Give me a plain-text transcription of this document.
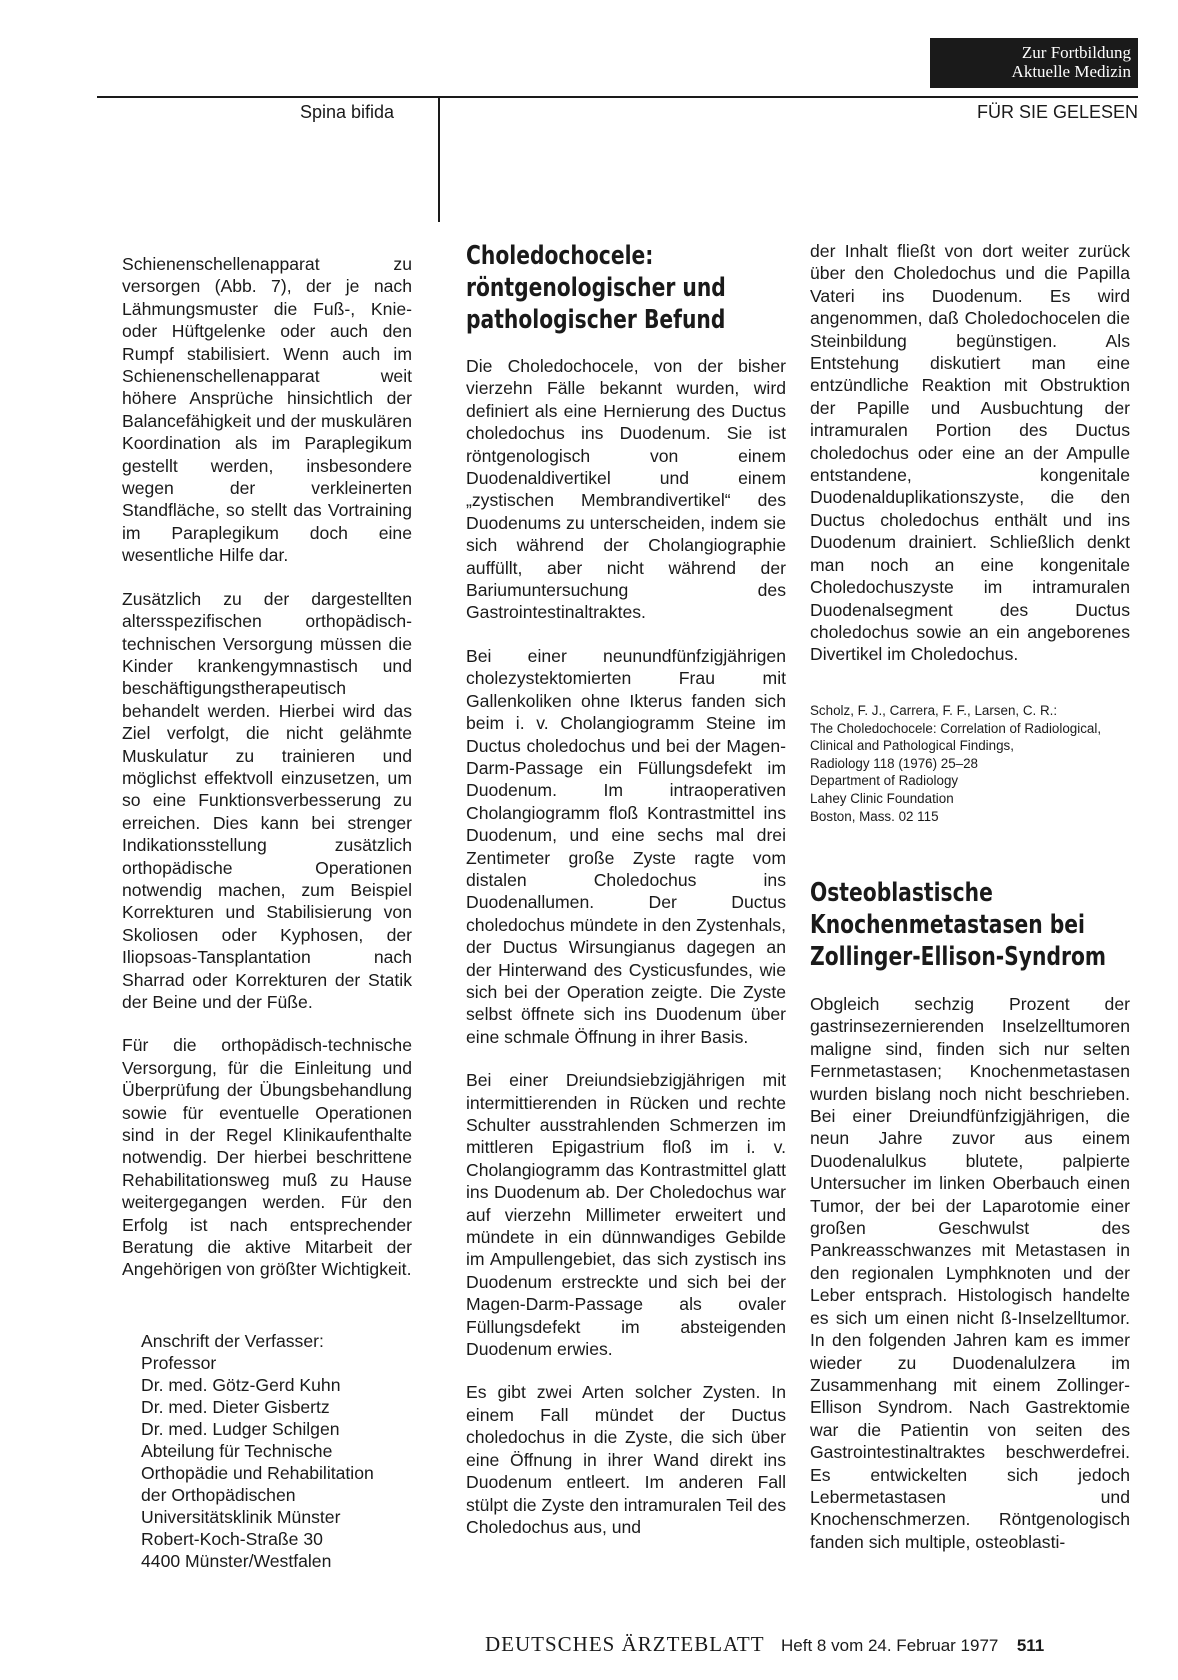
Zur Fortbildung
Aktuelle Medizin
Spina bifida	FÜR SIE GELESEN

Schienenschellenapparat zu versorgen (Abb. 7), der je nach Lähmungsmuster die Fuß-, Knie- oder Hüftgelenke oder auch den Rumpf stabilisiert. Wenn auch im Schienenschellenapparat weit höhere Ansprüche hinsichtlich der Balancefähigkeit und der muskulären Koordination als im Paraplegikum gestellt werden, insbesondere wegen der verkleinerten Standfläche, so stellt das Vortraining im Paraplegikum doch eine wesentliche Hilfe dar.

Zusätzlich zu der dargestellten altersspezifischen orthopädisch-technischen Versorgung müssen die Kinder krankengymnastisch und beschäftigungstherapeutisch behandelt werden. Hierbei wird das Ziel verfolgt, die nicht gelähmte Muskulatur zu trainieren und möglichst effektvoll einzusetzen, um so eine Funktionsverbesserung zu erreichen. Dies kann bei strenger Indikationsstellung zusätzlich orthopädische Operationen notwendig machen, zum Beispiel Korrekturen und Stabilisierung von Skoliosen oder Kyphosen, der Iliopsoas-Tansplantation nach Sharrad oder Korrekturen der Statik der Beine und der Füße.

Für die orthopädisch-technische Versorgung, für die Einleitung und Überprüfung der Übungsbehandlung sowie für eventuelle Operationen sind in der Regel Klinikaufenthalte notwendig. Der hierbei beschrittene Rehabilitationsweg muß zu Hause weitergegangen werden. Für den Erfolg ist nach entsprechender Beratung die aktive Mitarbeit der Angehörigen von größter Wichtigkeit.

Anschrift der Verfasser:
Professor
Dr. med. Götz-Gerd Kuhn
Dr. med. Dieter Gisbertz
Dr. med. Ludger Schilgen
Abteilung für Technische
Orthopädie und Rehabilitation
der Orthopädischen
Universitätsklinik Münster
Robert-Koch-Straße 30
4400 Münster/Westfalen
Choledochocele: röntgenologischer und pathologischer Befund

Die Choledochocele, von der bisher vierzehn Fälle bekannt wurden, wird definiert als eine Hernierung des Ductus choledochus ins Duodenum. Sie ist röntgenologisch von einem Duodenaldivertikel und einem „zystischen Membrandivertikel“ des Duodenums zu unterscheiden, indem sie sich während der Cholangiographie auffüllt, aber nicht während der Bariumuntersuchung des Gastrointestinaltraktes.

Bei einer neunundfünfzigjährigen cholezystektomierten Frau mit Gallenkoliken ohne Ikterus fanden sich beim i. v. Cholangiogramm Steine im Ductus choledochus und bei der Magen-Darm-Passage ein Füllungsdefekt im Duodenum. Im intraoperativen Cholangiogramm floß Kontrastmittel ins Duodenum, und eine sechs mal drei Zentimeter große Zyste ragte vom distalen Choledochus ins Duodenallumen. Der Ductus choledochus mündete in den Zystenhals, der Ductus Wirsungianus dagegen an der Hinterwand des Cysticusfundes, wie sich bei der Operation zeigte. Die Zyste selbst öffnete sich ins Duodenum über eine schmale Öffnung in ihrer Basis.

Bei einer Dreiundsiebzigjährigen mit intermittierenden in Rücken und rechte Schulter ausstrahlenden Schmerzen im mittleren Epigastrium floß im i. v. Cholangiogramm das Kontrastmittel glatt ins Duodenum ab. Der Choledochus war auf vierzehn Millimeter erweitert und mündete in ein dünnwandiges Gebilde im Ampullengebiet, das sich zystisch ins Duodenum erstreckte und sich bei der Magen-Darm-Passage als ovaler Füllungsdefekt im absteigenden Duodenum erwies.

Es gibt zwei Arten solcher Zysten. In einem Fall mündet der Ductus choledochus in die Zyste, die sich über eine Öffnung in ihrer Wand direkt ins Duodenum entleert. Im anderen Fall stülpt die Zyste den intramuralen Teil des Choledochus aus, und

der Inhalt fließt von dort weiter zurück über den Choledochus und die Papilla Vateri ins Duodenum. Es wird angenommen, daß Choledochocelen die Steinbildung begünstigen. Als Entstehung diskutiert man eine entzündliche Reaktion mit Obstruktion der Papille und Ausbuchtung der intramuralen Portion des Ductus choledochus oder eine an der Ampulle entstandene, kongenitale Duodenalduplikationszyste, die den Ductus choledochus enthält und ins Duodenum drainiert. Schließlich denkt man noch an eine kongenitale Choledochuszyste im intramuralen Duodenalsegment des Ductus choledochus sowie an ein angeborenes Divertikel im Choledochus.

Scholz, F. J., Carrera, F. F., Larsen, C. R.:
The Choledochocele: Correlation of Radiological, Clinical and Pathological Findings,
Radiology 118 (1976) 25–28
Department of Radiology
Lahey Clinic Foundation
Boston, Mass. 02 115
Osteoblastische Knochenmetastasen bei Zollinger-Ellison-Syndrom

Obgleich sechzig Prozent der gastrinsezernierenden Inselzelltumoren maligne sind, finden sich nur selten Fernmetastasen; Knochenmetastasen wurden bislang noch nicht beschrieben. Bei einer Dreiundfünfzigjährigen, die neun Jahre zuvor aus einem Duodenalulkus blutete, palpierte Untersucher im linken Oberbauch einen Tumor, der bei der Laparotomie einer großen Geschwulst des Pankreasschwanzes mit Metastasen in den regionalen Lymphknoten und der Leber entsprach. Histologisch handelte es sich um einen nicht ß-Inselzelltumor. In den folgenden Jahren kam es immer wieder zu Duodenalulzera im Zusammenhang mit einem Zollinger-Ellison Syndrom. Nach Gastrektomie war die Patientin von seiten des Gastrointestinaltraktes beschwerdefrei. Es entwickelten sich jedoch Lebermetastasen und Knochenschmerzen. Röntgenologisch fanden sich multiple, osteoblasti-

DEUTSCHES ÄRZTEBLATT Heft 8 vom 24. Februar 1977 511
